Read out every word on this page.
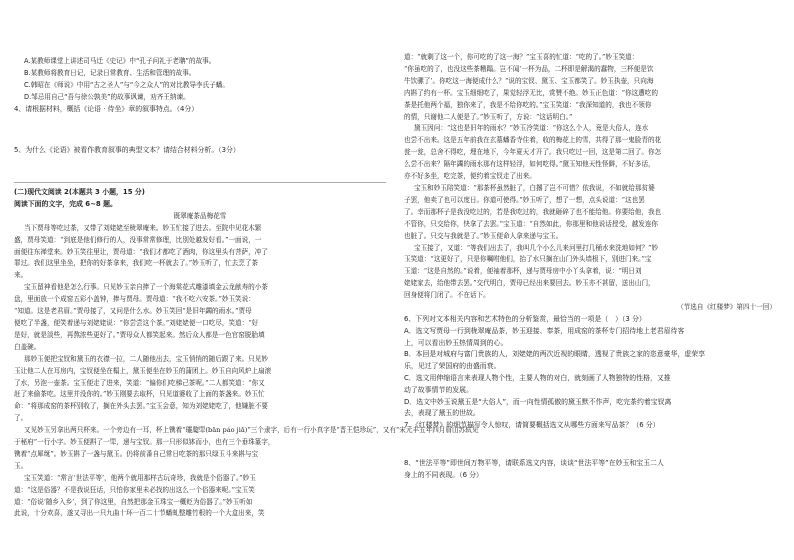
A.某教师课堂上讲述司马迁《史记》中“孔子问礼于老聃”的故事。
B.某教师将教育日记，记录日常教育、生活和管理的故事。
C.韩昭在《师说》中用“古之圣人”与“今之众人”的对比教导李氏子蟠。
D.邹忌用自己“吾与徐公孰美”的故事讽谏，劝齐王纳谏。
4、请根据材料，概括《论语 · 侍坐》章的叙事特点。（4分）
5、为什么《论语》被看作教育叙事的典型文本？请结合材料分析。（3分）
(二)现代文阅读 2(本题共 3 小题，15 分)
阅读下面的文字，完成 6~8 题。
既翠庵茶品梅花雪
当下贾母等吃过茶，又带了刘姥姥至栊翠庵来。妙玉忙接了进去。至院中见花木繁
盛，贾母笑道：“到底是他们修行的人，没事常常修理，比别处越发好看。”一面说，一
面便往东禅堂来。妙玉笑往里让，贾母道：“我们才都吃了酒肉，你这里头有菩萨，冲了
罪过。我们这里坐坐，把你的好茶拿来，我们吃一杯就去了。”妙玉听了，忙去烹了茶
来。
宝玉留神看他是怎么行事。只见妙玉亲自捧了一个海棠花式雕漆填金云龙献寿的小茶
盘，里面放一个成窑五彩小盖钟，捧与贾母。贾母道：“我不吃六安茶。”妙玉笑说：
“知道。这是老君眉。”贾母接了，又问是什么水。妙玉笑回“是旧年蠲的雨水。”贾母
便吃了半盏，便笑着递与刘姥姥说：“你尝尝这个茶。”刘姥姥便一口吃尽，笑道：“好
是好，就是淡些，再熬浓些更好了。”贾母众人都笑起来。然后众人都是一色官窑脱胎填
白盖碗。
那妙玉便把宝钗和黛玉的衣襟一拉，二人随他出去，宝玉悄悄的随后跟了来。只见妙
玉让他二人在耳房内，宝钗便坐在榻上，黛玉便坐在妙玉的蒲团上。妙玉自向风炉上扇滚
了水，另泡一壶茶。宝玉便走了进来，笑道：“偏你们吃梯己茶呢。”二人都笑道：“你又
赶了来偷茶吃。这里并没你的。”妙玉刚要去取杯，只见道婆收了上面的茶盏来。妙玉忙
命：“将那成窑的茶杯别收了，搁在外头去罢。”宝玉会意，知为刘姥姥吃了，他嫌脏不要
了。
又见妙玉另拿出两只杯来。一个旁边有一耳，杯上镌着“𤫩瓟斝(bān páo jiǎ)”三个隶字，后有一行小真字是“晋王恺珍玩”，又有“宋元丰五年四月眉山苏轼见
于秘府”一行小字。妙玉便斟了一斝，递与宝钗。那一只形似钵而小，也有三个垂珠篆字，
镌着“点犀𫄧”。妙玉斟了一盏与黛玉。仍将前番自己常日吃茶的那只绿玉斗来斟与宝
玉。
宝玉笑道：“常言‘世法平等’，他两个就用那样古玩奇珍，我就是个俗器了。”妙玉
道：“这是俗器？不是我说狂话，只怕你家里未必找的出这么一个俗器来呢。”宝玉笑
道：“俗说‘随乡入乡’，到了你这里，自然把那金玉珠宝一概贬为俗器了。”妙玉听如
此说，十分欢喜，遂又寻出一只九曲十环一百二十节蟠虬整雕竹根的一个大盒出来，笑
道：“就剩了这一个，你可吃的了这一海？”宝玉喜的忙道：“吃的了。”妙玉笑道：
“你虽吃的了，也没这些茶糟蹋。岂不闻‘一杯为品，二杯即是解渴的蠢物，三杯便是饮
牛饮骡了’。你吃这一海便成什么？”说的宝钗、黛玉、宝玉都笑了。妙玉执壶，只向海
内斟了约有一杯。宝玉细细吃了，果觉轻浮无比，赏赞不绝。妙玉正色道：“你这遭吃的
茶是托他两个福，独你来了，我是不给你吃的。”宝玉笑道：“我深知道的，我也不领你
的情，只谢他二人便是了。”妙玉听了，方说：“这话明白。”
黛玉因问：“这也是旧年的雨水？”妙玉冷笑道：“你这么个人，竟是大俗人，连水
也尝不出来。这是五年前我在玄墓蟠香寺住着，收的梅花上的雪，共得了那一鬼脸青的花
瓮一瓮，总舍不得吃，埋在地下，今年夏天才开了。我只吃过一回，这是第二回了。你怎
么尝不出来？隔年蠲的雨水那有这样轻浮，如何吃得。”黛玉知他天性怪僻，不好多话，
亦不好多坐，吃完茶，便约着宝钗走了出来。
宝玉和妙玉陪笑道：“那茶杯虽然脏了，白撂了岂不可惜？依我说，不如就给那贫婆
子罢，他卖了也可以度日。你道可使得。”妙玉听了，想了一想，点头说道：“这也罢
了。幸而那杯子是我没吃过的，若是我吃过的，我就砸碎了也不能给他。你要给他，我也
不管你，只交给你，快拿了去罢。”宝玉道：“自然如此，你那里和他说话授受，越发连你
也脏了。只交与我就是了。”妙玉便命人拿来递与宝玉。
宝玉接了，又道：“等我们出去了，我叫几个小么儿来河里打几桶水来洗地如何？”妙
玉笑道：“这更好了，只是你嘱咐他们，抬了水只搁在山门外头墙根下，别进门来。”宝
玉道：“这是自然的。”说着，便袖着那杯，递与贾母房中小丫头拿着，说：“明日刘
姥姥家去，给他带去罢。”交代明白，贾母已经出来要回去。妙玉亦不甚留，送出山门，
回身便将门闭了。不在话下。
（节选自《红楼梦》第四十一回）
6、下列对文本相关内容和艺术特色的分析鉴赏，最恰当的一项是（　）（3 分）
A．选文写贾母一行到栊翠庵品茶，妙玉迎接、奉茶，用成窑的茶杯专门招待地上老君眉待客
上，可以看出妙玉热情周到的心。
B．本回是对城府与富门贵族的人，刘姥姥的两次近视的眼睛，透视了贵族之家的恣意豪华，虚荣享
乐，见过了荣国府的由盛而衰。
C．选文用伸缩语言来表现人物个性，主要人物的对白，就刻画了人物独特的性格，又推
动了故事情节的发展。
D．选文中妙玉说黛玉是“大俗人”，而一向性情孤傲的黛玉默不作声，吃完茶约着宝钗离
去，表现了黛玉的世故。
7、《红楼梦》的细节描写令人惊叹，请简要概括选文从哪些方面来写品茶？（6 分）
8、“世法平等”即世间万物平等，请联系选文内容，谈谈“世法平等”在妙玉和宝玉二人
身上的不同表现。（6 分）
